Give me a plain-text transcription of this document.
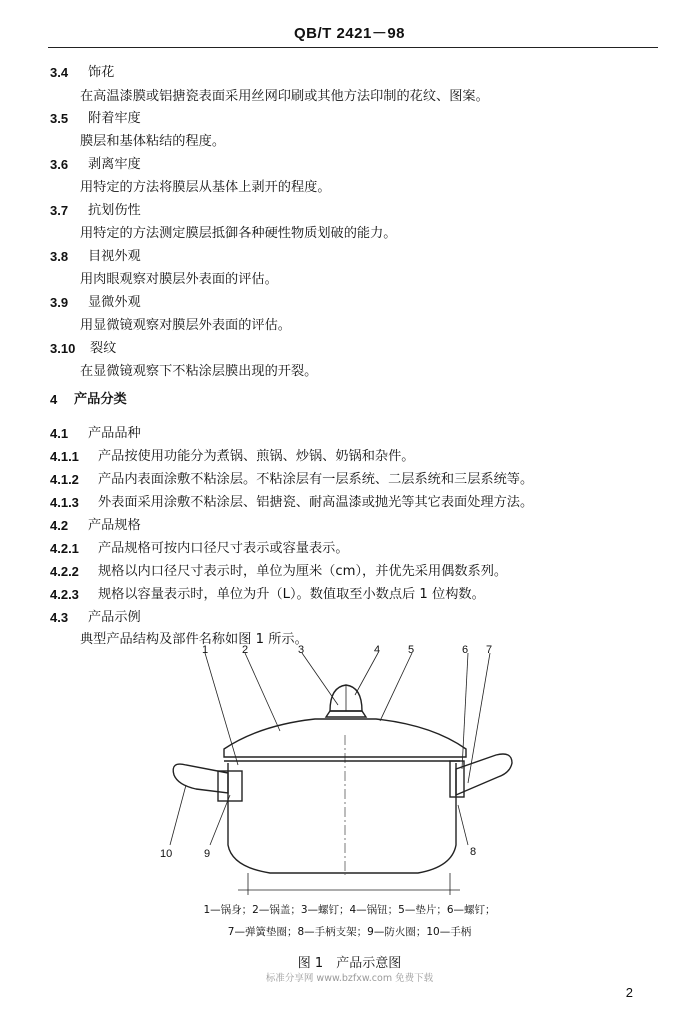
QB/T 2421－98
3.4 饰花
在高温漆膜或铝搪瓷表面采用丝网印刷或其他方法印制的花纹、图案。
3.5 附着牢度
膜层和基体粘结的程度。
3.6 剥离牢度
用特定的方法将膜层从基体上剥开的程度。
3.7 抗划伤性
用特定的方法测定膜层抵御各种硬性物质划破的能力。
3.8 目视外观
用肉眼观察对膜层外表面的评估。
3.9 显微外观
用显微镜观察对膜层外表面的评估。
3.10 裂纹
在显微镜观察下不粘涂层膜出现的开裂。
4 产品分类
4.1 产品品种
4.1.1 产品按使用功能分为煮锅、煎锅、炒锅、奶锅和杂件。
4.1.2 产品内表面涂敷不粘涂层。不粘涂层有一层系统、二层系统和三层系统等。
4.1.3 外表面采用涂敷不粘涂层、铝搪瓷、耐高温漆或抛光等其它表面处理方法。
4.2 产品规格
4.2.1 产品规格可按内口径尺寸表示或容量表示。
4.2.2 规格以内口径尺寸表示时，单位为厘米（cm），并优先采用偶数系列。
4.2.3 规格以容量表示时，单位为升（L）。数值取至小数点后 1 位构数。
4.3 产品示例
典型产品结构及部件名称如图 1 所示。
1	2	3	4	5	6 7
8
9
10
1—锅身；2—锅盖；3—螺钉；4—锅钮；5—垫片；6—螺钉；
7—弹簧垫圈；8—手柄支架；9—防火圈；10—手柄
图 1　产品示意图
标准分享网 www.bzfxw.com 免费下载
2
